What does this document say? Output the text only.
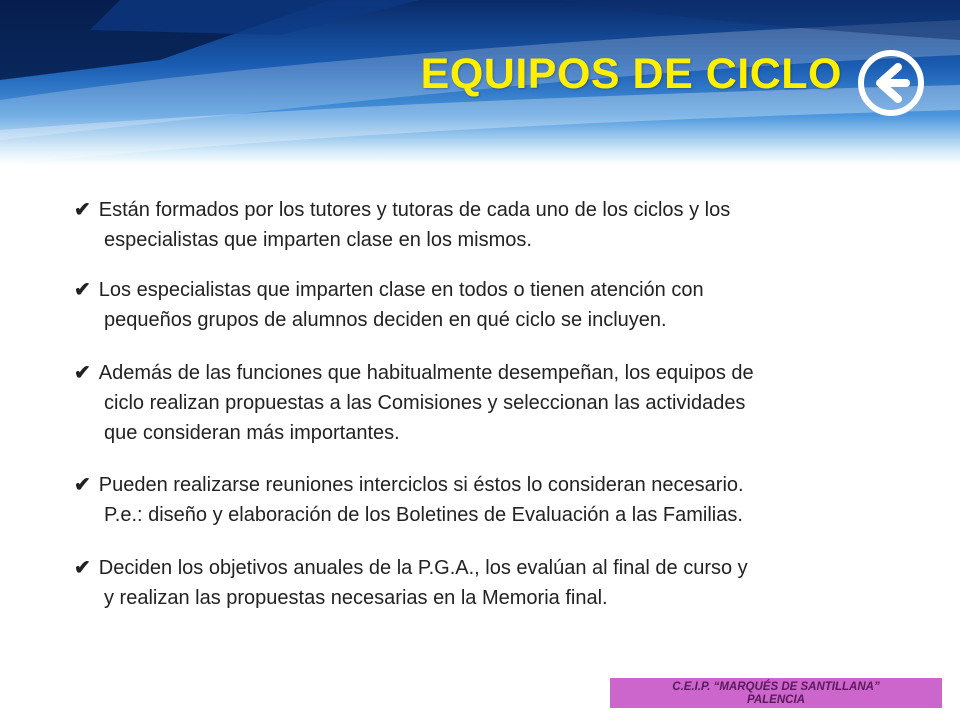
EQUIPOS DE CICLO
✔ Están formados por los tutores y tutoras de cada uno de los ciclos y los
especialistas que imparten clase en los mismos.
✔ Los especialistas que imparten clase en todos o tienen atención con
pequeños grupos de alumnos deciden en qué ciclo se incluyen.
✔ Además de las funciones que habitualmente desempeñan, los equipos de
ciclo realizan propuestas a las Comisiones y seleccionan las actividades
que consideran más importantes.
✔ Pueden realizarse reuniones interciclos si éstos lo consideran necesario.
P.e.: diseño y elaboración de los Boletines de Evaluación a las Familias.
✔ Deciden los objetivos anuales de la P.G.A., los evalúan al final de curso y
y realizan las propuestas necesarias en la Memoria final.
C.E.I.P. “MARQUÉS DE SANTILLANA”
PALENCIA
